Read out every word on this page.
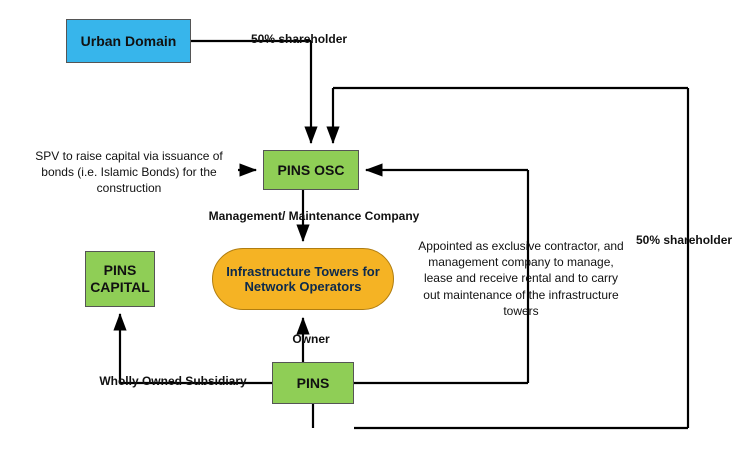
Urban Domain
PINS OSC
PINS CAPITAL
PINS
Infrastructure Towers for Network Operators
50% shareholder
50% shareholder
SPV to raise capital via issuance of bonds (i.e. Islamic Bonds) for the construction
Management/ Maintenance Company
Appointed as exclusive contractor, and management company to manage, lease and receive rental and to carry out maintenance of the infrastructure towers
Owner
Wholly Owned Subsidiary
